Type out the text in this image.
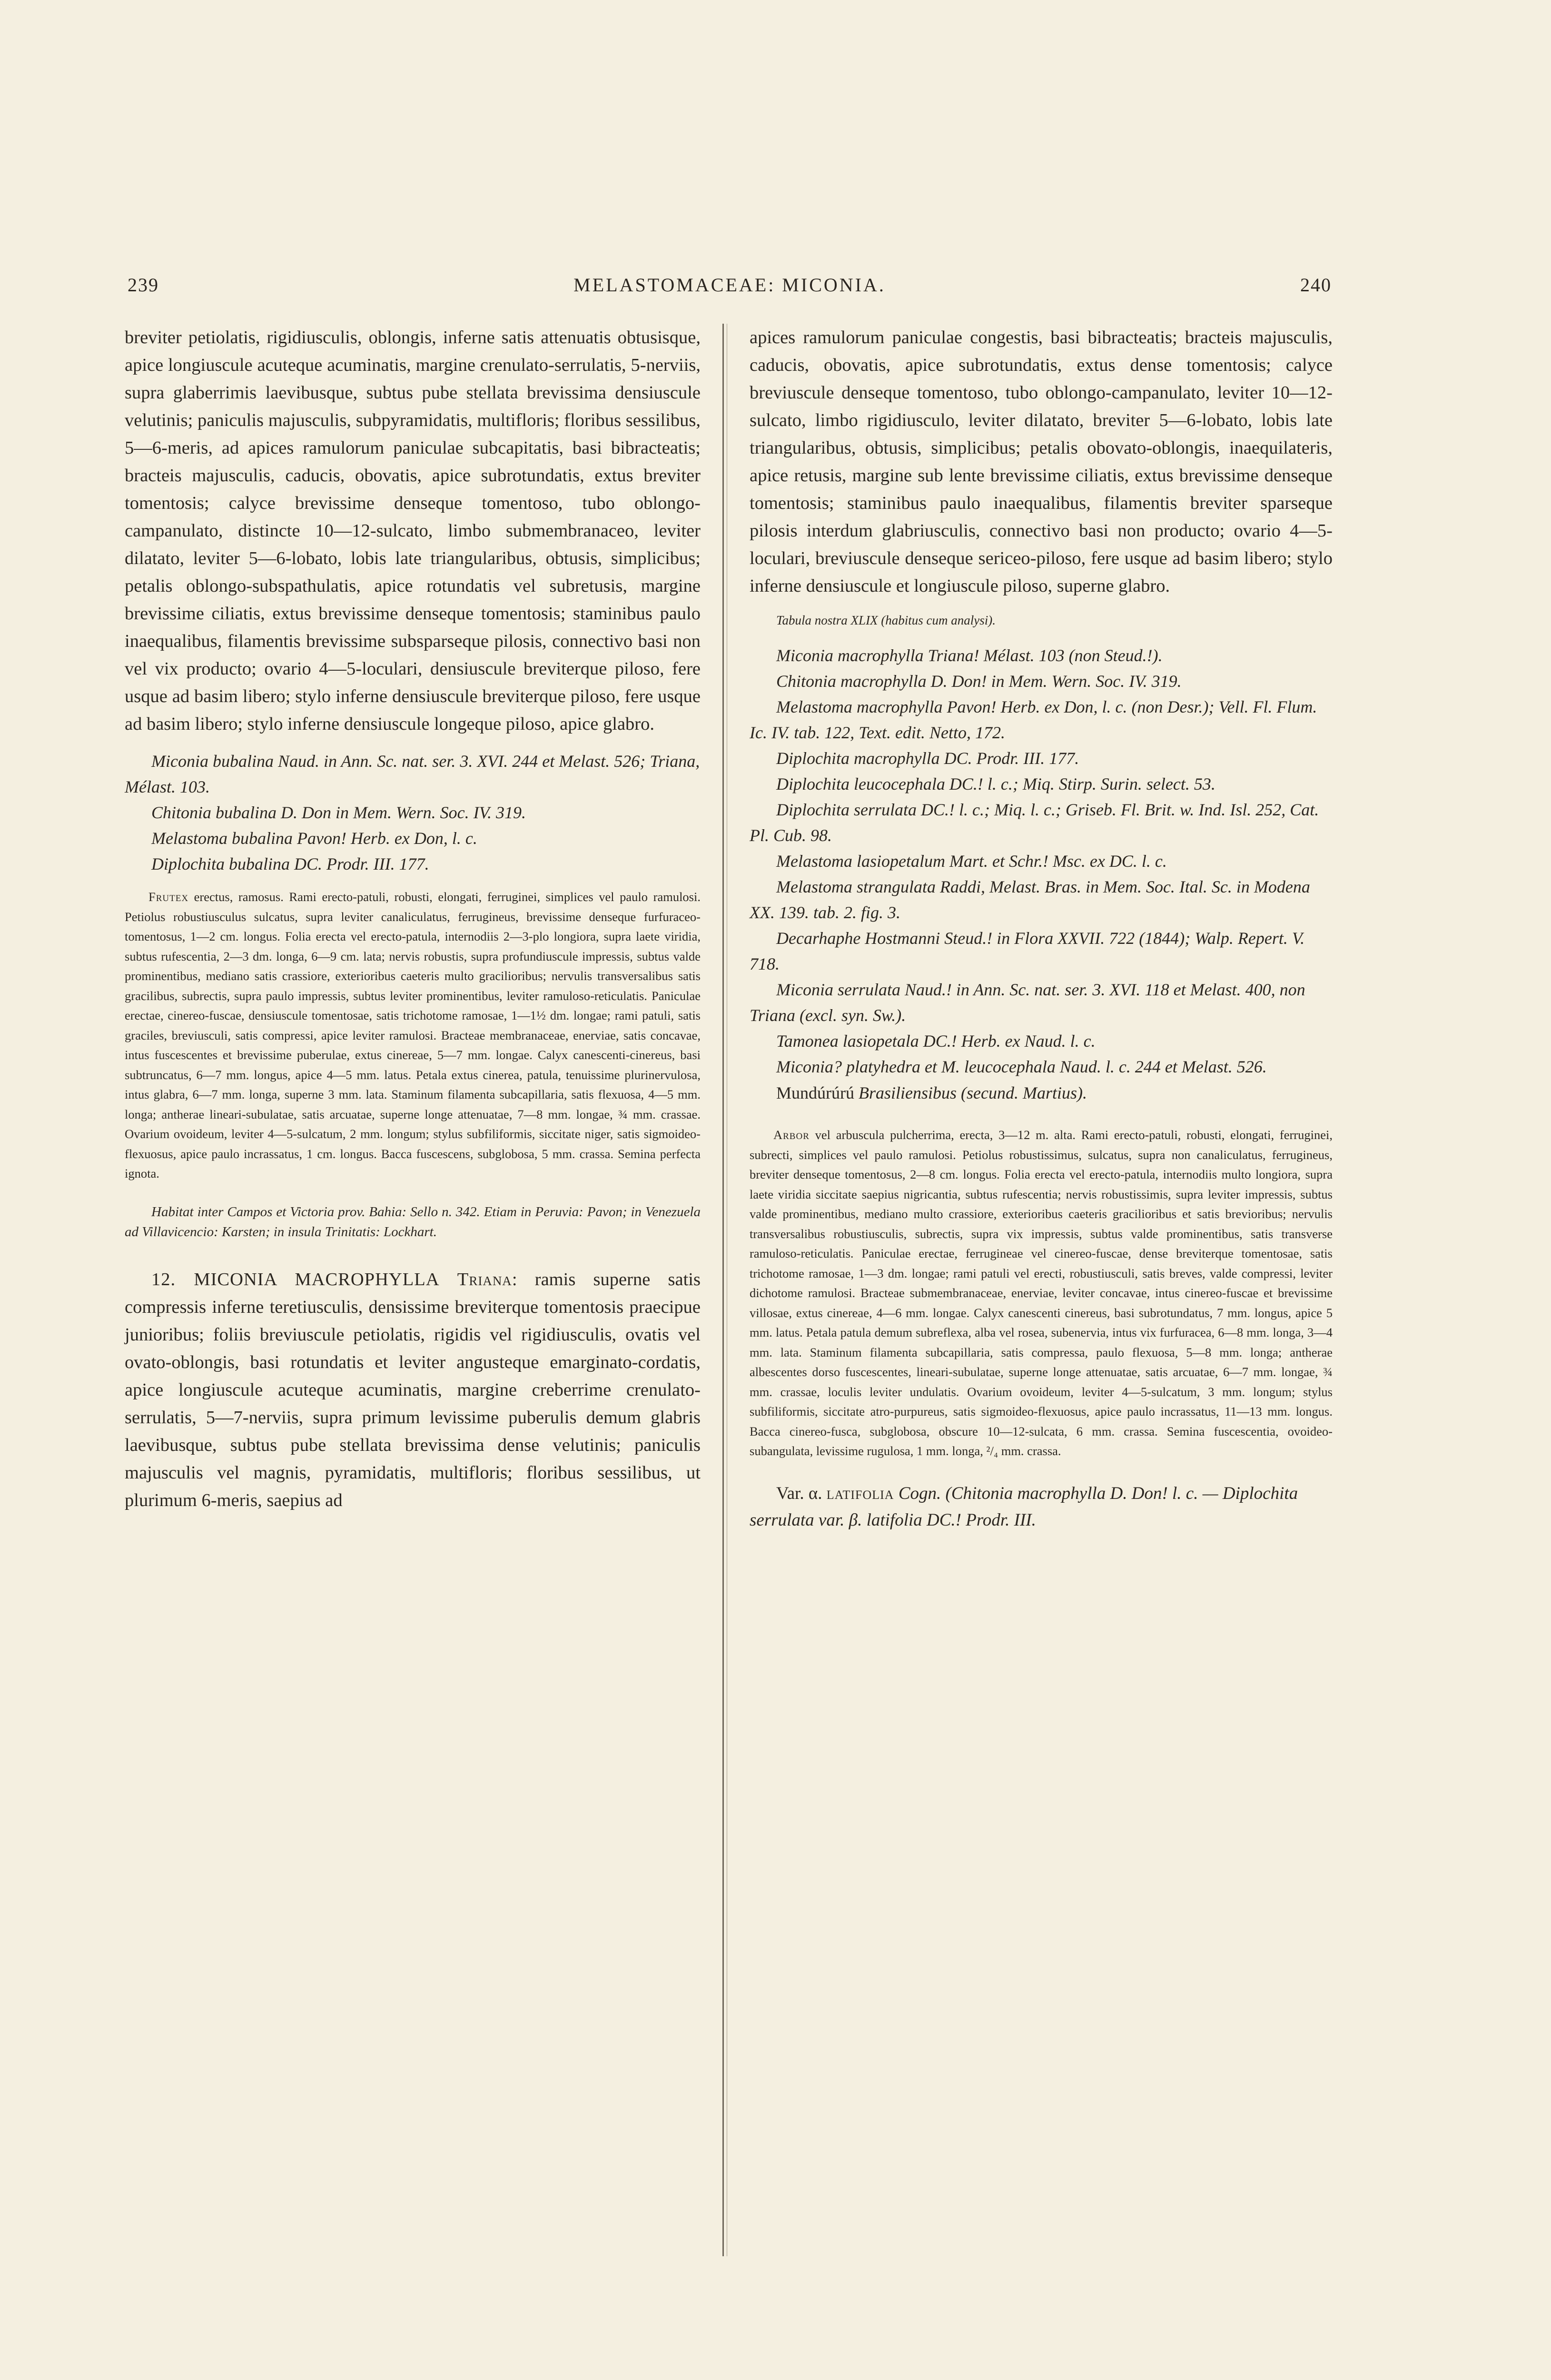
239	MELASTOMACEAE: MICONIA.	240

breviter petiolatis, rigidiusculis, oblongis, inferne satis attenuatis obtusisque, apice longiuscule acuteque acuminatis, margine crenulato-serrulatis, 5-nerviis, supra glaberrimis laevibusque, subtus pube stellata brevissima densiuscule velutinis; paniculis majusculis, subpyramidatis, multifloris; floribus sessilibus, 5—6-meris, ad apices ramulorum paniculae subcapitatis, basi bibracteatis; bracteis majusculis, caducis, obovatis, apice subrotundatis, extus breviter tomentosis; calyce brevissime denseque tomentoso, tubo oblongo-campanulato, distincte 10—12-sulcato, limbo submembranaceo, leviter dilatato, leviter 5—6-lobato, lobis late triangularibus, obtusis, simplicibus; petalis oblongo-subspathulatis, apice rotundatis vel subretusis, margine brevissime ciliatis, extus brevissime denseque tomentosis; staminibus paulo inaequalibus, filamentis brevissime subsparseque pilosis, connectivo basi non vel vix producto; ovario 4—5-loculari, densiuscule breviterque piloso, fere usque ad basim libero; stylo inferne densiuscule breviterque piloso, fere usque ad basim libero; stylo inferne densiuscule longeque piloso, apice glabro.

Miconia bubalina Naud. in Ann. Sc. nat. ser. 3. XVI. 244 et Melast. 526; Triana, Mélast. 103.

Chitonia bubalina D. Don in Mem. Wern. Soc. IV. 319.

Melastoma bubalina Pavon! Herb. ex Don, l. c.

Diplochita bubalina DC. Prodr. III. 177.

Frutex erectus, ramosus. Rami erecto-patuli, robusti, elongati, ferruginei, simplices vel paulo ramulosi. Petiolus robustiusculus sulcatus, supra leviter canaliculatus, ferrugineus, brevissime denseque furfuraceo-tomentosus, 1—2 cm. longus. Folia erecta vel erecto-patula, internodiis 2—3-plo longiora, supra laete viridia, subtus rufescentia, 2—3 dm. longa, 6—9 cm. lata; nervis robustis, supra profundiuscule impressis, subtus valde prominentibus, mediano satis crassiore, exterioribus caeteris multo gracilioribus; nervulis transversalibus satis gracilibus, subrectis, supra paulo impressis, subtus leviter prominentibus, leviter ramuloso-reticulatis. Paniculae erectae, cinereo-fuscae, densiuscule tomentosae, satis trichotome ramosae, 1—1½ dm. longae; rami patuli, satis graciles, breviusculi, satis compressi, apice leviter ramulosi. Bracteae membranaceae, enerviae, satis concavae, intus fuscescentes et brevissime puberulae, extus cinereae, 5—7 mm. longae. Calyx canescenti-cinereus, basi subtruncatus, 6—7 mm. longus, apice 4—5 mm. latus. Petala extus cinerea, patula, tenuissime plurinervulosa, intus glabra, 6—7 mm. longa, superne 3 mm. lata. Staminum filamenta subcapillaria, satis flexuosa, 4—5 mm. longa; antherae lineari-subulatae, satis arcuatae, superne longe attenuatae, 7—8 mm. longae, ¾ mm. crassae. Ovarium ovoideum, leviter 4—5-sulcatum, 2 mm. longum; stylus subfiliformis, siccitate niger, satis sigmoideo-flexuosus, apice paulo incrassatus, 1 cm. longus. Bacca fuscescens, subglobosa, 5 mm. crassa. Semina perfecta ignota.

Habitat inter Campos et Victoria prov. Bahia: Sello n. 342. Etiam in Peruvia: Pavon; in Venezuela ad Villavicencio: Karsten; in insula Trinitatis: Lockhart.

12. MICONIA MACROPHYLLA Triana: ramis superne satis compressis inferne teretiusculis, densissime breviterque tomentosis praecipue junioribus; foliis breviuscule petiolatis, rigidis vel rigidiusculis, ovatis vel ovato-oblongis, basi rotundatis et leviter angusteque emarginato-cordatis, apice longiuscule acuteque acuminatis, margine creberrime crenulato-serrulatis, 5—7-nerviis, supra primum levissime puberulis demum glabris laevibusque, subtus pube stellata brevissima dense velutinis; paniculis majusculis vel magnis, pyramidatis, multifloris; floribus sessilibus, ut plurimum 6-meris, saepius ad

apices ramulorum paniculae congestis, basi bibracteatis; bracteis majusculis, caducis, obovatis, apice subrotundatis, extus dense tomentosis; calyce breviuscule denseque tomentoso, tubo oblongo-campanulato, leviter 10—12-sulcato, limbo rigidiusculo, leviter dilatato, breviter 5—6-lobato, lobis late triangularibus, obtusis, simplicibus; petalis obovato-oblongis, inaequilateris, apice retusis, margine sub lente brevissime ciliatis, extus brevissime denseque tomentosis; staminibus paulo inaequalibus, filamentis breviter sparseque pilosis interdum glabriusculis, connectivo basi non producto; ovario 4—5-loculari, breviuscule denseque sericeo-piloso, fere usque ad basim libero; stylo inferne densiuscule et longiuscule piloso, superne glabro.

Tabula nostra XLIX (habitus cum analysi).

Miconia macrophylla Triana! Mélast. 103 (non Steud.!).

Chitonia macrophylla D. Don! in Mem. Wern. Soc. IV. 319.

Melastoma macrophylla Pavon! Herb. ex Don, l. c. (non Desr.); Vell. Fl. Flum. Ic. IV. tab. 122, Text. edit. Netto, 172.

Diplochita macrophylla DC. Prodr. III. 177.

Diplochita leucocephala DC.! l. c.; Miq. Stirp. Surin. select. 53.

Diplochita serrulata DC.! l. c.; Miq. l. c.; Griseb. Fl. Brit. w. Ind. Isl. 252, Cat. Pl. Cub. 98.

Melastoma lasiopetalum Mart. et Schr.! Msc. ex DC. l. c.

Melastoma strangulata Raddi, Melast. Bras. in Mem. Soc. Ital. Sc. in Modena XX. 139. tab. 2. fig. 3.

Decarhaphe Hostmanni Steud.! in Flora XXVII. 722 (1844); Walp. Repert. V. 718.

Miconia serrulata Naud.! in Ann. Sc. nat. ser. 3. XVI. 118 et Melast. 400, non Triana (excl. syn. Sw.).

Tamonea lasiopetala DC.! Herb. ex Naud. l. c.

Miconia? platyhedra et M. leucocephala Naud. l. c. 244 et Melast. 526.

Mundúrúrú Brasiliensibus (secund. Martius).

Arbor vel arbuscula pulcherrima, erecta, 3—12 m. alta. Rami erecto-patuli, robusti, elongati, ferruginei, subrecti, simplices vel paulo ramulosi. Petiolus robustissimus, sulcatus, supra non canaliculatus, ferrugineus, breviter denseque tomentosus, 2—8 cm. longus. Folia erecta vel erecto-patula, internodiis multo longiora, supra laete viridia siccitate saepius nigricantia, subtus rufescentia; nervis robustissimis, supra leviter impressis, subtus valde prominentibus, mediano multo crassiore, exterioribus caeteris gracilioribus et satis brevioribus; nervulis transversalibus robustiusculis, subrectis, supra vix impressis, subtus valde prominentibus, satis transverse ramuloso-reticulatis. Paniculae erectae, ferrugineae vel cinereo-fuscae, dense breviterque tomentosae, satis trichotome ramosae, 1—3 dm. longae; rami patuli vel erecti, robustiusculi, satis breves, valde compressi, leviter dichotome ramulosi. Bracteae submembranaceae, enerviae, leviter concavae, intus cinereo-fuscae et brevissime villosae, extus cinereae, 4—6 mm. longae. Calyx canescenti cinereus, basi subrotundatus, 7 mm. longus, apice 5 mm. latus. Petala patula demum subreflexa, alba vel rosea, subenervia, intus vix furfuracea, 6—8 mm. longa, 3—4 mm. lata. Staminum filamenta subcapillaria, satis compressa, paulo flexuosa, 5—8 mm. longa; antherae albescentes dorso fuscescentes, lineari-subulatae, superne longe attenuatae, satis arcuatae, 6—7 mm. longae, ¾ mm. crassae, loculis leviter undulatis. Ovarium ovoideum, leviter 4—5-sulcatum, 3 mm. longum; stylus subfiliformis, siccitate atro-purpureus, satis sigmoideo-flexuosus, apice paulo incrassatus, 11—13 mm. longus. Bacca cinereo-fusca, subglobosa, obscure 10—12-sulcata, 6 mm. crassa. Semina fuscescentia, ovoideo-subangulata, levissime rugulosa, 1 mm. longa, ²/₄ mm. crassa.

Var. α. latifolia Cogn. (Chitonia macrophylla D. Don! l. c. — Diplochita serrulata var. β. latifolia DC.! Prodr. III.
